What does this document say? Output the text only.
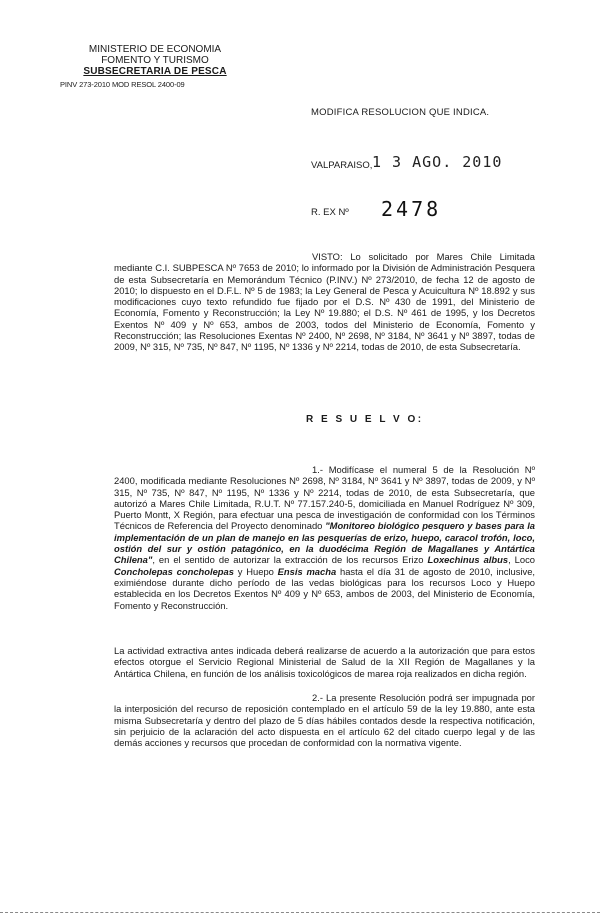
MINISTERIO DE ECONOMIA
FOMENTO Y TURISMO
SUBSECRETARIA DE PESCA
PINV 273-2010 MOD RESOL 2400-09
MODIFICA RESOLUCION QUE INDICA.
VALPARAISO, 1 3 AGO. 2010
R. EX Nº 2478
VISTO: Lo solicitado por Mares Chile Limitada mediante C.I. SUBPESCA Nº 7653 de 2010; lo informado por la División de Administración Pesquera de esta Subsecretaría en Memorándum Técnico (P.INV.) Nº 273/2010, de fecha 12 de agosto de 2010; lo dispuesto en el D.F.L. Nº 5 de 1983; la Ley General de Pesca y Acuicultura Nº 18.892 y sus modificaciones cuyo texto refundido fue fijado por el D.S. Nº 430 de 1991, del Ministerio de Economía, Fomento y Reconstrucción; la Ley Nº 19.880; el D.S. Nº 461 de 1995, y los Decretos Exentos Nº 409 y Nº 653, ambos de 2003, todos del Ministerio de Economía, Fomento y Reconstrucción; las Resoluciones Exentas Nº 2400, Nº 2698, Nº 3184, Nº 3641 y Nº 3897, todas de 2009, Nº 315, Nº 735, Nº 847, Nº 1195, Nº 1336 y Nº 2214, todas de 2010, de esta Subsecretaría.
R E S U E L V O:
1.- Modifícase el numeral 5 de la Resolución Nº 2400, modificada mediante Resoluciones Nº 2698, Nº 3184, Nº 3641 y Nº 3897, todas de 2009, y Nº 315, Nº 735, Nº 847, Nº 1195, Nº 1336 y Nº 2214, todas de 2010, de esta Subsecretaría, que autorizó a Mares Chile Limitada, R.U.T. Nº 77.157.240-5, domiciliada en Manuel Rodríguez Nº 309, Puerto Montt, X Región, para efectuar una pesca de investigación de conformidad con los Términos Técnicos de Referencia del Proyecto denominado "Monitoreo biológico pesquero y bases para la implementación de un plan de manejo en las pesquerías de erizo, huepo, caracol trofón, loco, ostión del sur y ostión patagónico, en la duodécima Región de Magallanes y Antártica Chilena", en el sentido de autorizar la extracción de los recursos Erizo Loxechinus albus, Loco Concholepas concholepas y Huepo Ensis macha hasta el día 31 de agosto de 2010, inclusive, eximiéndose durante dicho período de las vedas biológicas para los recursos Loco y Huepo establecida en los Decretos Exentos Nº 409 y Nº 653, ambos de 2003, del Ministerio de Economía, Fomento y Reconstrucción.
La actividad extractiva antes indicada deberá realizarse de acuerdo a la autorización que para estos efectos otorgue el Servicio Regional Ministerial de Salud de la XII Región de Magallanes y la Antártica Chilena, en función de los análisis toxicológicos de marea roja realizados en dicha región.
2.- La presente Resolución podrá ser impugnada por la interposición del recurso de reposición contemplado en el artículo 59 de la ley 19.880, ante esta misma Subsecretaría y dentro del plazo de 5 días hábiles contados desde la respectiva notificación, sin perjuicio de la aclaración del acto dispuesta en el artículo 62 del citado cuerpo legal y de las demás acciones y recursos que procedan de conformidad con la normativa vigente.
